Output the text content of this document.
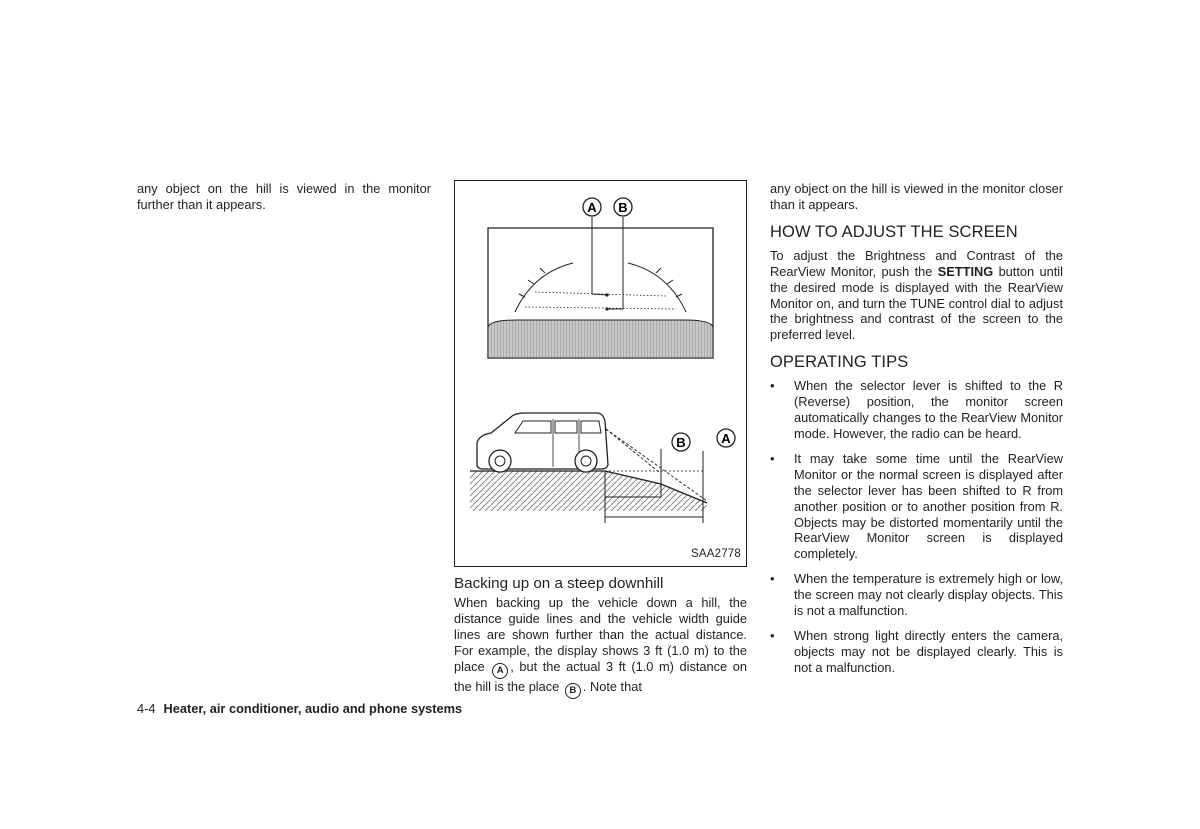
any object on the hill is viewed in the monitor further than it appears.	A B
B	A
SAA2778
Backing up on a steep downhill

When backing up the vehicle down a hill, the distance guide lines and the vehicle width guide lines are shown further than the actual distance. For example, the display shows 3 ft (1.0 m) to the place A , but the actual 3 ft (1.0 m) distance on the hill is the place B . Note that

any object on the hill is viewed in the monitor closer than it appears.

HOW TO ADJUST THE SCREEN

To adjust the Brightness and Contrast of the RearView Monitor, push the SETTING button until the desired mode is displayed with the RearView Monitor on, and turn the TUNE control dial to adjust the brightness and contrast of the screen to the preferred level.

OPERATING TIPS
• When the selector lever is shifted to the R (Reverse) position, the monitor screen automatically changes to the RearView Monitor mode. However, the radio can be heard.
• It may take some time until the RearView Monitor or the normal screen is displayed after the selector lever has been shifted to R from another position or to another position from R. Objects may be distorted momentarily until the RearView Monitor screen is displayed completely.
• When the temperature is extremely high or low, the screen may not clearly display objects. This is not a malfunction.
• When strong light directly enters the camera, objects may not be displayed clearly. This is not a malfunction.
4-4 Heater, air conditioner, audio and phone systems
